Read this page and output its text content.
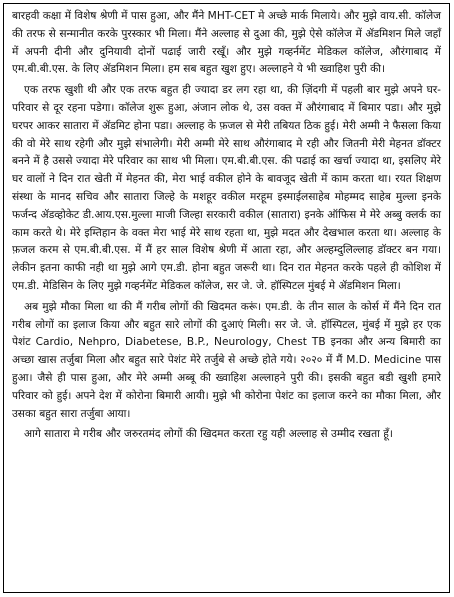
बारहवी कक्षा में विशेष श्रेणी में पास हुआ, और मैंने MHT-CET मे अच्छे मार्क मिलाये। और मुझे वाय.सी. कॉलेज की तरफ से सन्मानीत करके पुरस्कार भी मिला। मैंने अल्लाह से दुआ की, मुझे ऐसे कॉलेज में ॲडमिशन मिले जहाँ में अपनी दीनी और दुनियावी दोनों पढाई जारी रखूँ। और मुझे गव्हर्नमेंट मेडिकल कॉलेज, औरंगाबाद में एम.बी.बी.एस. के लिए ॲडमिशन मिला। हम सब बहुत खुश हुए। अल्लाहने ये भी ख्वाहिश पुरी की।

एक तरफ खुशी थी और एक तरफ बहुत ही ज्यादा डर लग रहा था, की ज़िंदगी में पहली बार मुझे अपने घर-परिवार से दूर रहना पडेगा। कॉलेज शुरू हुआ, अंजान लोक थे, उस वक्त में औरंगाबाद में बिमार पडा। और मुझे घरपर आकर सातारा में ॲडमिट होना पडा। अल्लाह के फ़जल से मेरी तबियत ठिक हुई। मेरी अम्मी ने फैसला किया की वो मेरे साथ रहेगी और मुझे संभालेगी। मेरी अम्मी मेरे साथ औरंगाबाद मे रही और जितनी मेरी मेहनत डॉक्टर बनने में है उससे ज्यादा मेरे परिवार का साथ भी मिला। एम.बी.बी.एस. की पढाई का खर्चा ज्यादा था, इसलिए मेरे घर वालों ने दिन रात खेती में मेहनत की, मेरा भाई वकील होने के बावजूद खेती में काम करता था। रयत शिक्षण संस्था के मानद सचिव और सातारा जिल्हे के मशहूर वकील मरहूम इस्माईलसाहेब मोहम्मद साहेब मुल्ला इनके फर्जन्द ॲडव्होकेट डी.आय.एस.मुल्ला माजी जिल्हा सरकारी वकील (सातारा) इनके ऑफिस मे मेरे अब्बु क्लर्क का काम करते थे। मेरे इम्तिहान के वक्त मेरा भाई मेरे साथ रहता था, मुझे मदत और देखभाल करता था। अल्लाह के फ़जल करम से एम.बी.बी.एस. में मैं हर साल विशेष श्रेणी में आता रहा, और अल्हम्दुलिल्लाह डॉक्टर बन गया। लेकीन इतना काफी नही था मुझे आगे एम.डी. होना बहुत जरूरी था। दिन रात मेहनत करके पहले ही कोशिश में एम.डी. मेडिसिन के लिए मुझे गव्हर्नमेंट मेडिकल कॉलेज, सर जे. जे. हॉस्पिटल मुंबई मे ॲडमिशन मिला।

अब मुझे मौका मिला था की मैं गरीब लोगों की खिदमत करूं। एम.डी. के तीन साल के कोर्स में मैंने दिन रात गरीब लोगों का इलाज किया और बहुत सारे लोगों की दुआएं मिली। सर जे. जे. हॉस्पिटल, मुंबई में मुझे हर एक पेशंट Cardio, Nehpro, Diabetese, B.P., Neurology, Chest TB इनका और अन्य बिमारी का अच्छा खास तर्जुबा मिला और बहुत सारे पेशंट मेरे तर्जुबे से अच्छे होते गये। २०२० में मैं M.D. Medicine पास हुआ। जैसे ही पास हुआ, और मेरे अम्मी अब्बू की ख्वाहिश अल्लाहने पुरी की। इसकी बहुत बडी खुशी हमारे परिवार को हुई। अपने देश में कोरोना बिमारी आयी। मुझे भी कोरोना पेशंट का इलाज करने का मौका मिला, और उसका बहुत सारा तर्जुबा आया।

आगे सातारा मे गरीब और जरुरतमंद लोगों की खिदमत करता रहु यही अल्लाह से उम्मीद रखता हूँ।
